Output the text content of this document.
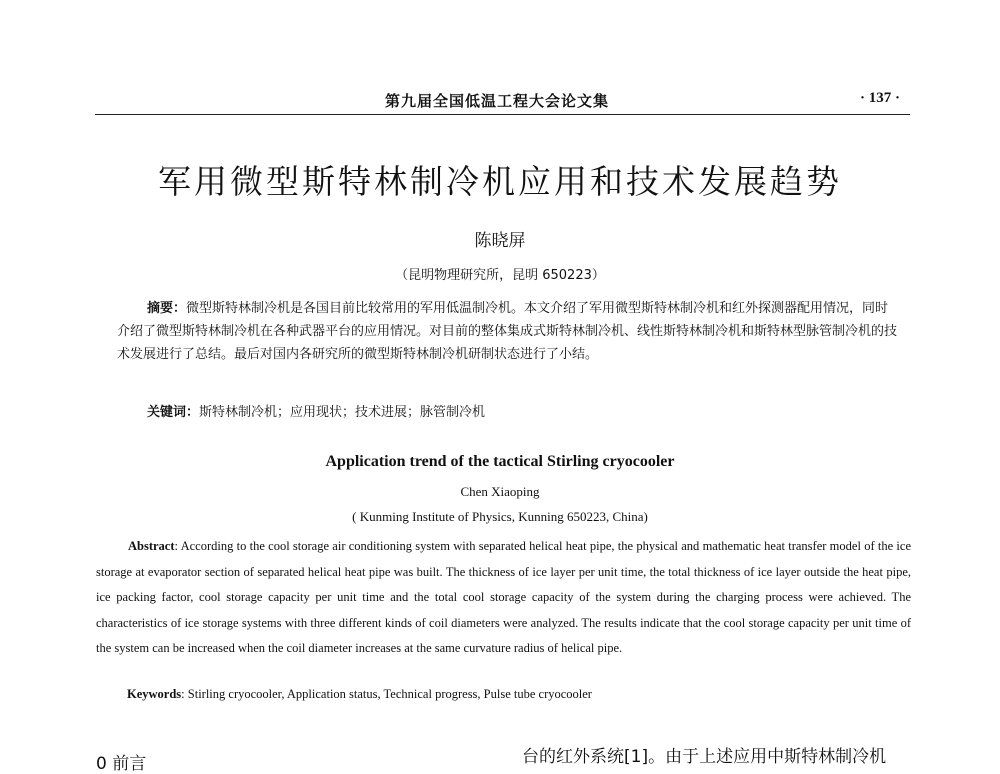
第九届全国低温工程大会论文集	· 137 ·
军用微型斯特林制冷机应用和技术发展趋势
陈晓屏
（昆明物理研究所，昆明 650223）

摘要：微型斯特林制冷机是各国目前比较常用的军用低温制冷机。本文介绍了军用微型斯特林制冷机和红外探测器配用情况，同时介绍了微型斯特林制冷机在各种武器平台的应用情况。对目前的整体集成式斯特林制冷机、线性斯特林制冷机和斯特林型脉管制冷机的技术发展进行了总结。最后对国内各研究所的微型斯特林制冷机研制状态进行了小结。

关键词：斯特林制冷机；应用现状；技术进展；脉管制冷机
Application trend of the tactical Stirling cryocooler
Chen Xiaoping
( Kunming Institute of Physics, Kunning 650223, China)

Abstract: According to the cool storage air conditioning system with separated helical heat pipe, the physical and mathematic heat transfer model of the ice storage at evaporator section of separated helical heat pipe was built. The thickness of ice layer per unit time, the total thickness of ice layer outside the heat pipe, ice packing factor, cool storage capacity per unit time and the total cool storage capacity of the system during the charging process were achieved. The characteristics of ice storage systems with three different kinds of coil diameters were analyzed. The results indicate that the cool storage capacity per unit time of the system can be increased when the coil diameter increases at the same curvature radius of helical pipe.

Keywords: Stirling cryocooler, Application status, Technical progress, Pulse tube cryocooler
0 前言	台的红外系统[1]。由于上述应用中斯特林制冷机
